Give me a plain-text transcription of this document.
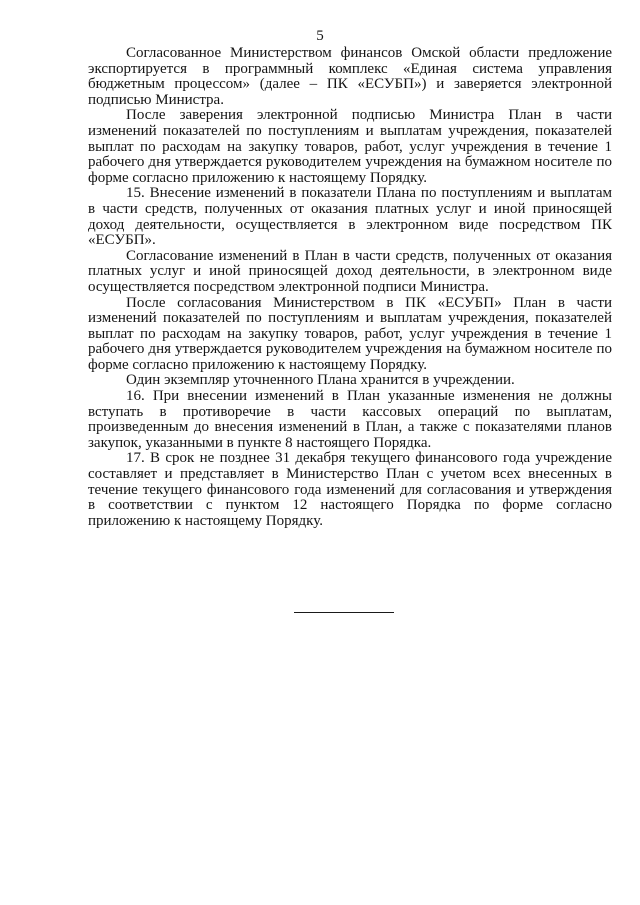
5

Согласованное Министерством финансов Омской области предложение экспортируется в программный комплекс «Единая система управления бюджетным процессом» (далее – ПК «ЕСУБП») и заверяется электронной подписью Министра.

После заверения электронной подписью Министра План в части изменений показателей по поступлениям и выплатам учреждения, показателей выплат по расходам на закупку товаров, работ, услуг учреждения в течение 1 рабочего дня утверждается руководителем учреждения на бумажном носителе по форме согласно приложению к настоящему Порядку.

15. Внесение изменений в показатели Плана по поступлениям и выплатам в части средств, полученных от оказания платных услуг и иной приносящей доход деятельности, осуществляется в электронном виде посредством ПК «ЕСУБП».

Согласование изменений в План в части средств, полученных от оказания платных услуг и иной приносящей доход деятельности, в электронном виде осуществляется посредством электронной подписи Министра.

После согласования Министерством в ПК «ЕСУБП» План в части изменений показателей по поступлениям и выплатам учреждения, показателей выплат по расходам на закупку товаров, работ, услуг учреждения в течение 1 рабочего дня утверждается руководителем учреждения на бумажном носителе по форме согласно приложению к настоящему Порядку.

Один экземпляр уточненного Плана хранится в учреждении.

16. При внесении изменений в План указанные изменения не должны вступать в противоречие в части кассовых операций по выплатам, произведенным до внесения изменений в План, а также с показателями планов закупок, указанными в пункте 8 настоящего Порядка.

17. В срок не позднее 31 декабря текущего финансового года учреждение составляет и представляет в Министерство План с учетом всех внесенных в течение текущего финансового года изменений для согласования и утверждения в соответствии с пунктом 12 настоящего Порядка по форме согласно приложению к настоящему Порядку.
